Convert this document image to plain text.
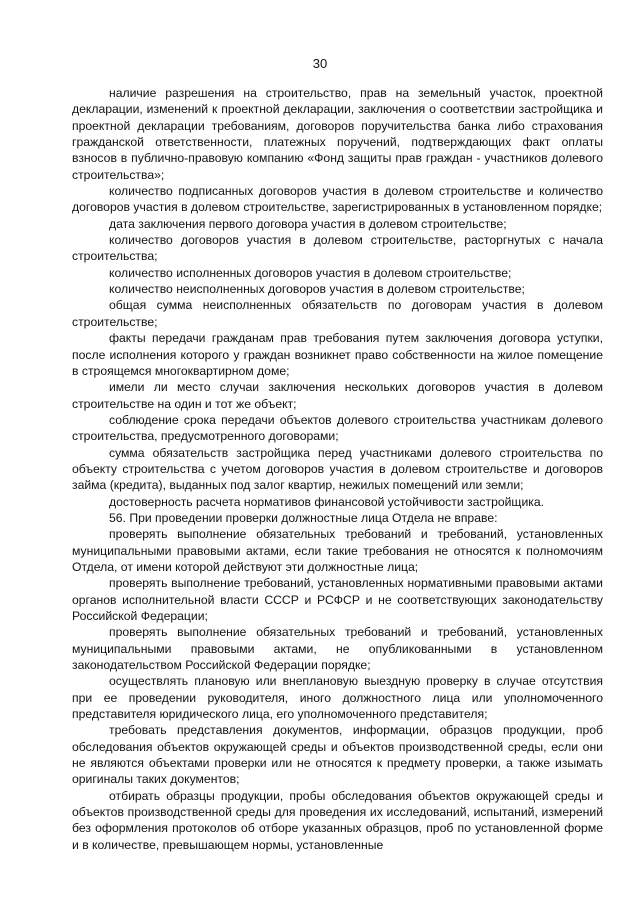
30

наличие разрешения на строительство, прав на земельный участок, проектной декларации, изменений к проектной декларации, заключения о соответствии застройщика и проектной декларации требованиям, договоров поручительства банка либо страхования гражданской ответственности, платежных поручений, подтверждающих факт оплаты взносов в публично-правовую компанию «Фонд защиты прав граждан - участников долевого строительства»;

количество подписанных договоров участия в долевом строительстве и количество договоров участия в долевом строительстве, зарегистрированных в установленном порядке;

дата заключения первого договора участия в долевом строительстве;

количество договоров участия в долевом строительстве, расторгнутых с начала строительства;

количество исполненных договоров участия в долевом строительстве;

количество неисполненных договоров участия в долевом строительстве;

общая сумма неисполненных обязательств по договорам участия в долевом строительстве;

факты передачи гражданам прав требования путем заключения договора уступки, после исполнения которого у граждан возникнет право собственности на жилое помещение в строящемся многоквартирном доме;

имели ли место случаи заключения нескольких договоров участия в долевом строительстве на один и тот же объект;

соблюдение срока передачи объектов долевого строительства участникам долевого строительства, предусмотренного договорами;

сумма обязательств застройщика перед участниками долевого строительства по объекту строительства с учетом договоров участия в долевом строительстве и договоров займа (кредита), выданных под залог квартир, нежилых помещений или земли;

достоверность расчета нормативов финансовой устойчивости застройщика.

56. При проведении проверки должностные лица Отдела не вправе:

проверять выполнение обязательных требований и требований, установленных муниципальными правовыми актами, если такие требования не относятся к полномочиям Отдела, от имени которой действуют эти должностные лица;

проверять выполнение требований, установленных нормативными правовыми актами органов исполнительной власти СССР и РСФСР и не соответствующих законодательству Российской Федерации;

проверять выполнение обязательных требований и требований, установленных муниципальными правовыми актами, не опубликованными в установленном законодательством Российской Федерации порядке;

осуществлять плановую или внеплановую выездную проверку в случае отсутствия при ее проведении руководителя, иного должностного лица или уполномоченного представителя юридического лица, его уполномоченного представителя;

требовать представления документов, информации, образцов продукции, проб обследования объектов окружающей среды и объектов производственной среды, если они не являются объектами проверки или не относятся к предмету проверки, а также изымать оригиналы таких документов;

отбирать образцы продукции, пробы обследования объектов окружающей среды и объектов производственной среды для проведения их исследований, испытаний, измерений без оформления протоколов об отборе указанных образцов, проб по установленной форме и в количестве, превышающем нормы, установленные
